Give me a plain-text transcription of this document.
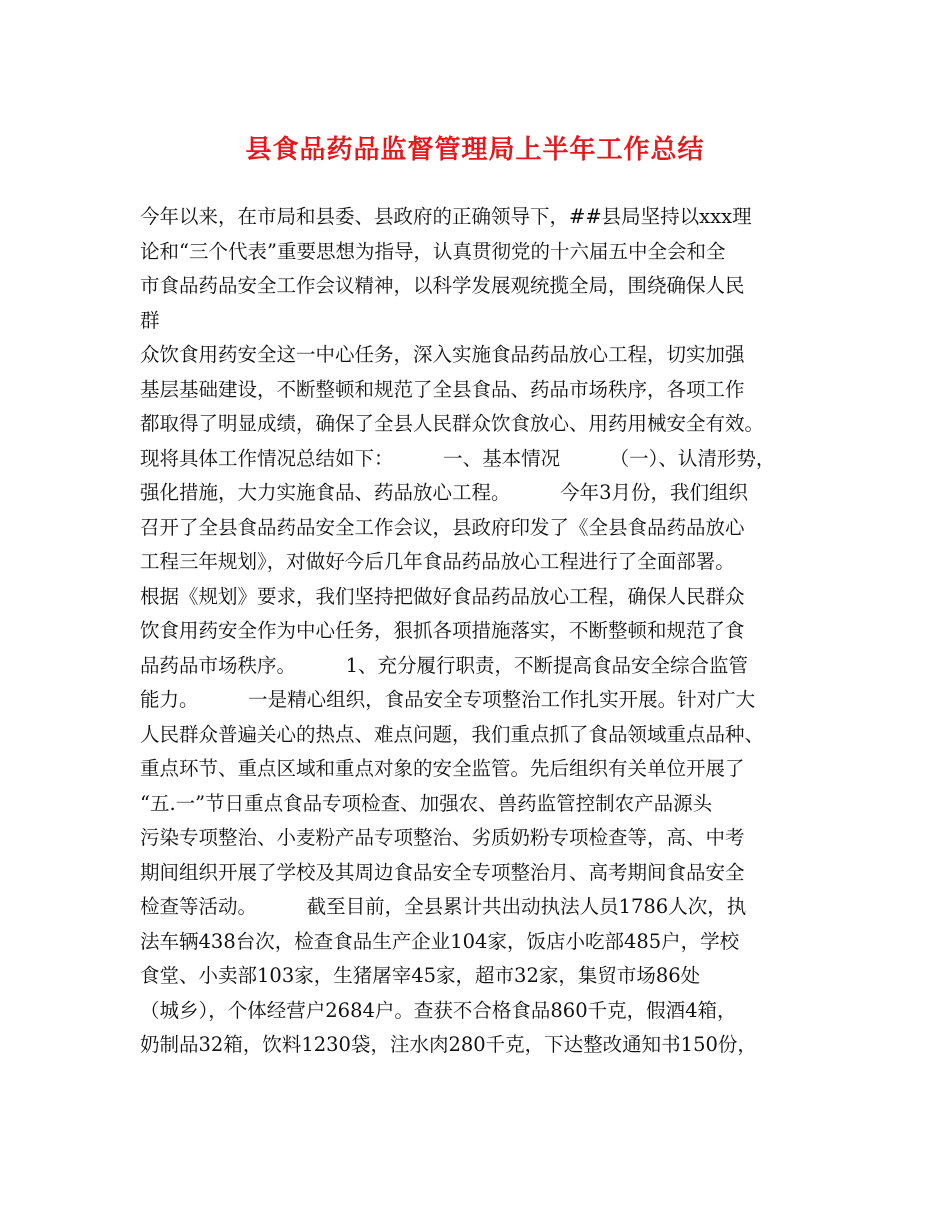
县食品药品监督管理局上半年工作总结
今年以来，在市局和县委、县政府的正确领导下，##县局坚持以xxx理
论和“三个代表”重要思想为指导，认真贯彻党的十六届五中全会和全
市食品药品安全工作会议精神，以科学发展观统揽全局，围绕确保人民
群
众饮食用药安全这一中心任务，深入实施食品药品放心工程，切实加强
基层基础建设，不断整顿和规范了全县食品、药品市场秩序，各项工作
都取得了明显成绩，确保了全县人民群众饮食放心、用药用械安全有效。
现将具体工作情况总结如下：        一、基本情况        （一）、认清形势，
强化措施，大力实施食品、药品放心工程。        今年3月份，我们组织
召开了全县食品药品安全工作会议，县政府印发了《全县食品药品放心
工程三年规划》，对做好今后几年食品药品放心工程进行了全面部署。
根据《规划》要求，我们坚持把做好食品药品放心工程，确保人民群众
饮食用药安全作为中心任务，狠抓各项措施落实，不断整顿和规范了食
品药品市场秩序。        1、充分履行职责，不断提高食品安全综合监管
能力。        一是精心组织，食品安全专项整治工作扎实开展。针对广大
人民群众普遍关心的热点、难点问题，我们重点抓了食品领域重点品种、
重点环节、重点区域和重点对象的安全监管。先后组织有关单位开展了
“五.一”节日重点食品专项检查、加强农、兽药监管控制农产品源头
污染专项整治、小麦粉产品专项整治、劣质奶粉专项检查等，高、中考
期间组织开展了学校及其周边食品安全专项整治月、高考期间食品安全
检查等活动。        截至目前，全县累计共出动执法人员1786人次，执
法车辆438台次，检查食品生产企业104家，饭店小吃部485户，学校
食堂、小卖部103家，生猪屠宰45家，超市32家，集贸市场86处
（城乡），个体经营户2684户。查获不合格食品860千克，假酒4箱，
奶制品32箱，饮料1230袋，注水肉280千克，下达整改通知书150份，
